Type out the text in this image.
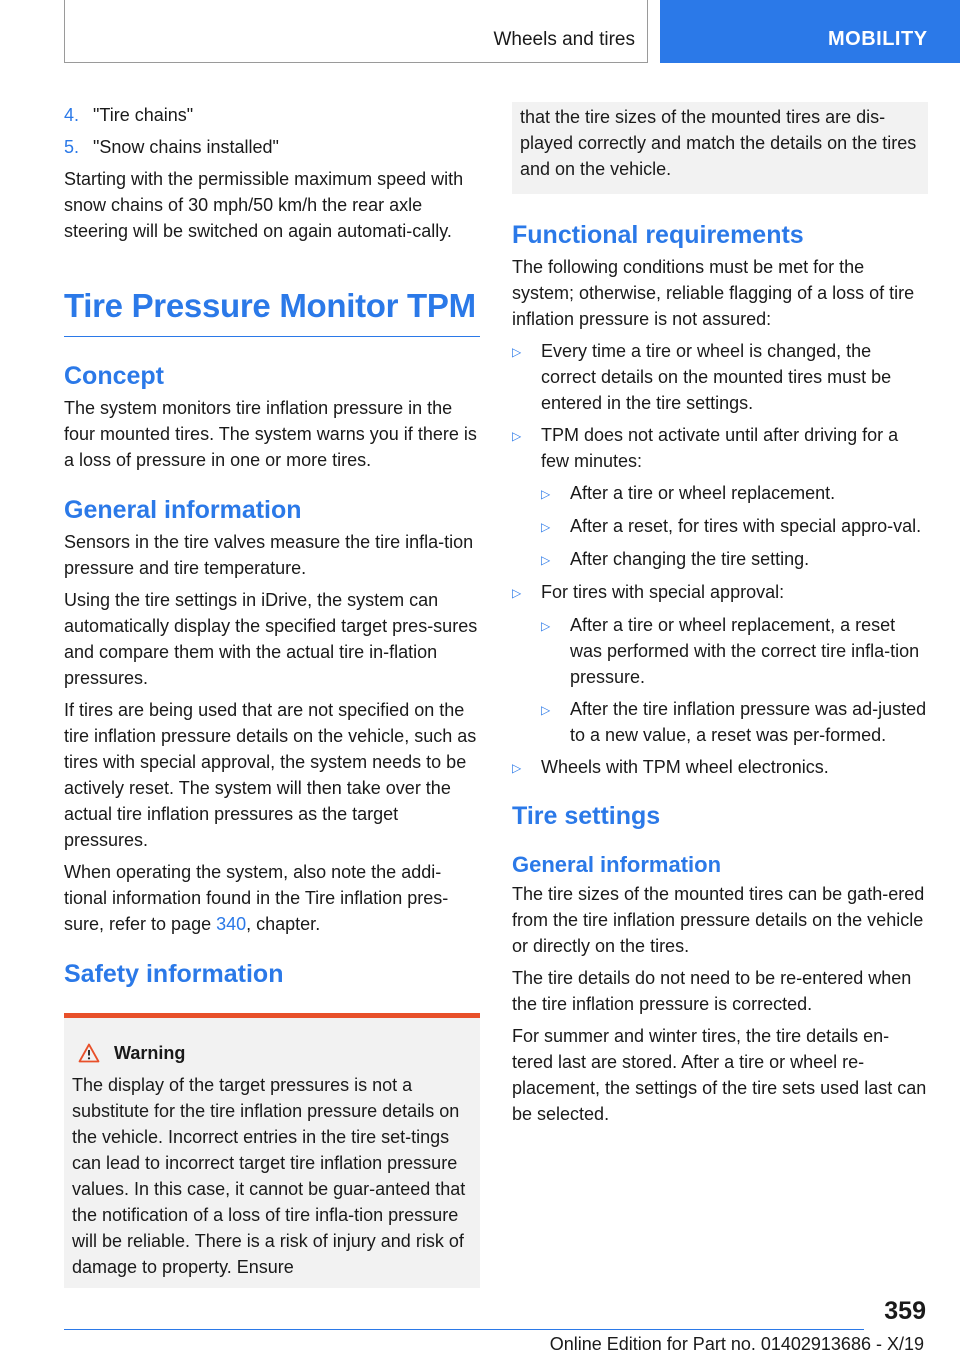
Wheels and tires	MOBILITY
4. "Tire chains"
5. "Snow chains installed"

Starting with the permissible maximum speed with snow chains of 30 mph/50 km/h the rear axle steering will be switched on again automati‐cally.

Tire Pressure Monitor TPM
Concept

The system monitors tire inflation pressure in the four mounted tires. The system warns you if there is a loss of pressure in one or more tires.

General information

Sensors in the tire valves measure the tire infla‐tion pressure and tire temperature.

Using the tire settings in iDrive, the system can automatically display the specified target pres‐sures and compare them with the actual tire in‐flation pressures.

If tires are being used that are not specified on the tire inflation pressure details on the vehicle, such as tires with special approval, the system needs to be actively reset. The system will then take over the actual tire inflation pressures as the target pressures.

When operating the system, also note the addi‐tional information found in the Tire inflation pres‐sure, refer to page 340, chapter.

Safety information
Warning
The display of the target pressures is not a substitute for the tire inflation pressure details on the vehicle. Incorrect entries in the tire set‐tings can lead to incorrect target tire inflation pressure values. In this case, it cannot be guar‐anteed that the notification of a loss of tire infla‐tion pressure will be reliable. There is a risk of injury and risk of damage to property. Ensure
that the tire sizes of the mounted tires are dis‐played correctly and match the details on the tires and on the vehicle.
Functional requirements

The following conditions must be met for the system; otherwise, reliable flagging of a loss of tire inflation pressure is not assured:

▷	Every time a tire or wheel is changed, the correct details on the mounted tires must be entered in the tire settings.
▷	TPM does not activate until after driving for a few minutes:
▷	After a tire or wheel replacement.
▷	After a reset, for tires with special appro‐val.
▷	After changing the tire setting.
▷	For tires with special approval:
▷	After a tire or wheel replacement, a reset was performed with the correct tire infla‐tion pressure.
▷	After the tire inflation pressure was ad‐justed to a new value, a reset was per‐formed.
▷	Wheels with TPM wheel electronics.
Tire settings
General information

The tire sizes of the mounted tires can be gath‐ered from the tire inflation pressure details on the vehicle or directly on the tires.

The tire details do not need to be re-entered when the tire inflation pressure is corrected.

For summer and winter tires, the tire details en‐tered last are stored. After a tire or wheel re‐placement, the settings of the tire sets used last can be selected.

359
Online Edition for Part no. 01402913686 - X/19
